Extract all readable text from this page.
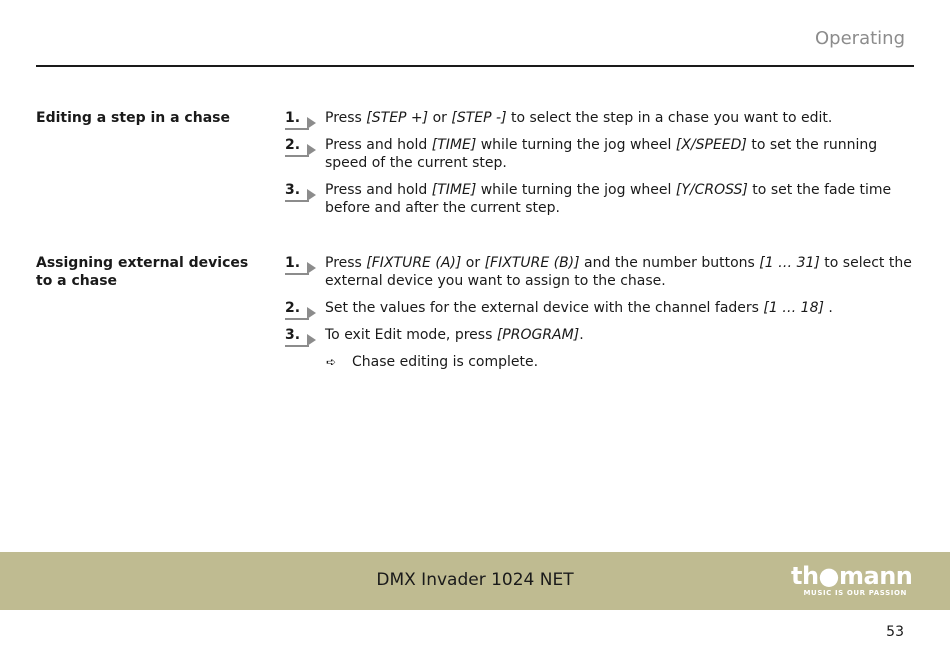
Operating
Editing a step in a chase	1.	Press [STEP +] or [STEP -] to select the step in a chase you want to edit.
2.	Press and hold [TIME] while turning the jog wheel [X/SPEED] to set the running speed of the current step.
3.	Press and hold [TIME] while turning the jog wheel [Y/CROSS] to set the fade time before and after the current step.
Assigning external devices to a chase
1.	Press [FIXTURE (A)] or [FIXTURE (B)] and the number buttons [1 … 31] to select the external device you want to assign to the chase.
2.	Set the values for the external device with the channel faders [1 … 18] .
3.	To exit Edit mode, press [PROGRAM].
➪ Chase editing is complete.
DMX Invader 1024 NET	th●mann
MUSIC IS OUR PASSION
53
